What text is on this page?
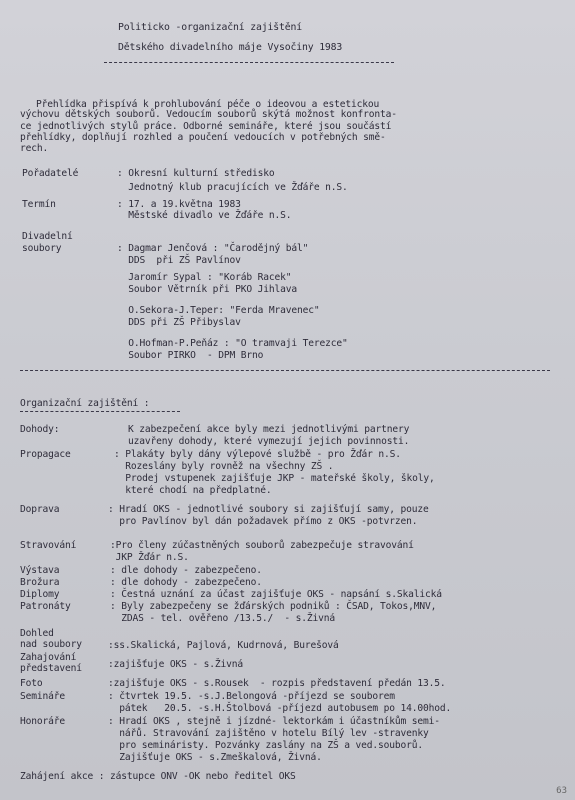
Politicko -organizační zajištění
Dětského divadelního máje Vysočiny 1983
Přehlídka přispívá k prohlubování péče o ideovou a estetickou
výchovu dětských souborů. Vedoucím souborů skýtá možnost konfronta-
ce jednotlivých stylů práce. Odborné semináře, které jsou součástí
přehlídky, doplňují rozhled a poučení vedoucích v potřebných smě-
rech.
Pořadatelé	: Okresní kulturní středisko
Jednotný klub pracujících ve Žďáře n.S.
Termín	: 17. a 19.května 1983
Městské divadlo ve Žďáře n.S.
Divadelní
soubory	: Dagmar Jenčová : "Čarodějný bál"
DDS  při ZŠ Pavlínov
Jaromír Sypal : "Koráb Racek"
Soubor Větrník při PKO Jihlava
O.Sekora-J.Teper: "Ferda Mravenec"
DDS při ZŠ Přibyslav
O.Hofman-P.Peňáz : "O tramvaji Terezce"
Soubor PIRKO  - DPM Brno
Organizační zajištění :
Dohody:	K zabezpečení akce byly mezi jednotlivými partnery
uzavřeny dohody, které vymezují jejich povinnosti.
Propagace	: Plakáty byly dány výlepové službě - pro Žďár n.S.
Rozeslány byly rovněž na všechny ZŠ .
Prodej vstupenek zajišťuje JKP - mateřské školy, školy,
které chodí na předplatné.
Doprava	: Hradí OKS - jednotlivé soubory si zajišťují samy, pouze
pro Pavlínov byl dán požadavek přímo z OKS -potvrzen.
Stravování	:Pro členy zúčastněných souborů zabezpečuje stravování
JKP Žďár n.S.
Výstava	: dle dohody - zabezpečeno.
Brožura	: dle dohody - zabezpečeno.
Diplomy	: Čestná uznání za účast zajišťuje OKS - napsání s.Skalická
Patronáty	: Byly zabezpečeny se žďárských podniků : ČSAD, Tokos,MNV,
ZDAS - tel. ověřeno /13.5./  - s.Živná
Dohled
nad soubory	:ss.Skalická, Pajlová, Kudrnová, Burešová
Zahajování
představení	:zajišťuje OKS - s.Živná
Foto	:zajišťuje OKS - s.Rousek  - rozpis představení předán 13.5.
Semináře	: čtvrtek 19.5. -s.J.Belongová -příjezd se souborem
pátek   20.5. -s.H.Štolbová -příjezd autobusem po 14.00hod.
Honoráře	: Hradí OKS , stejně i jízdné- lektorkám i účastníkům semi-
nářů. Stravování zajištěno v hotelu Bílý lev -stravenky
pro semináristy. Pozvánky zaslány na ZŠ a ved.souborů.
Zajišťuje OKS - s.Zmeškalová, Živná.
Zahájení akce : zástupce ONV -OK nebo ředitel OKS
63
